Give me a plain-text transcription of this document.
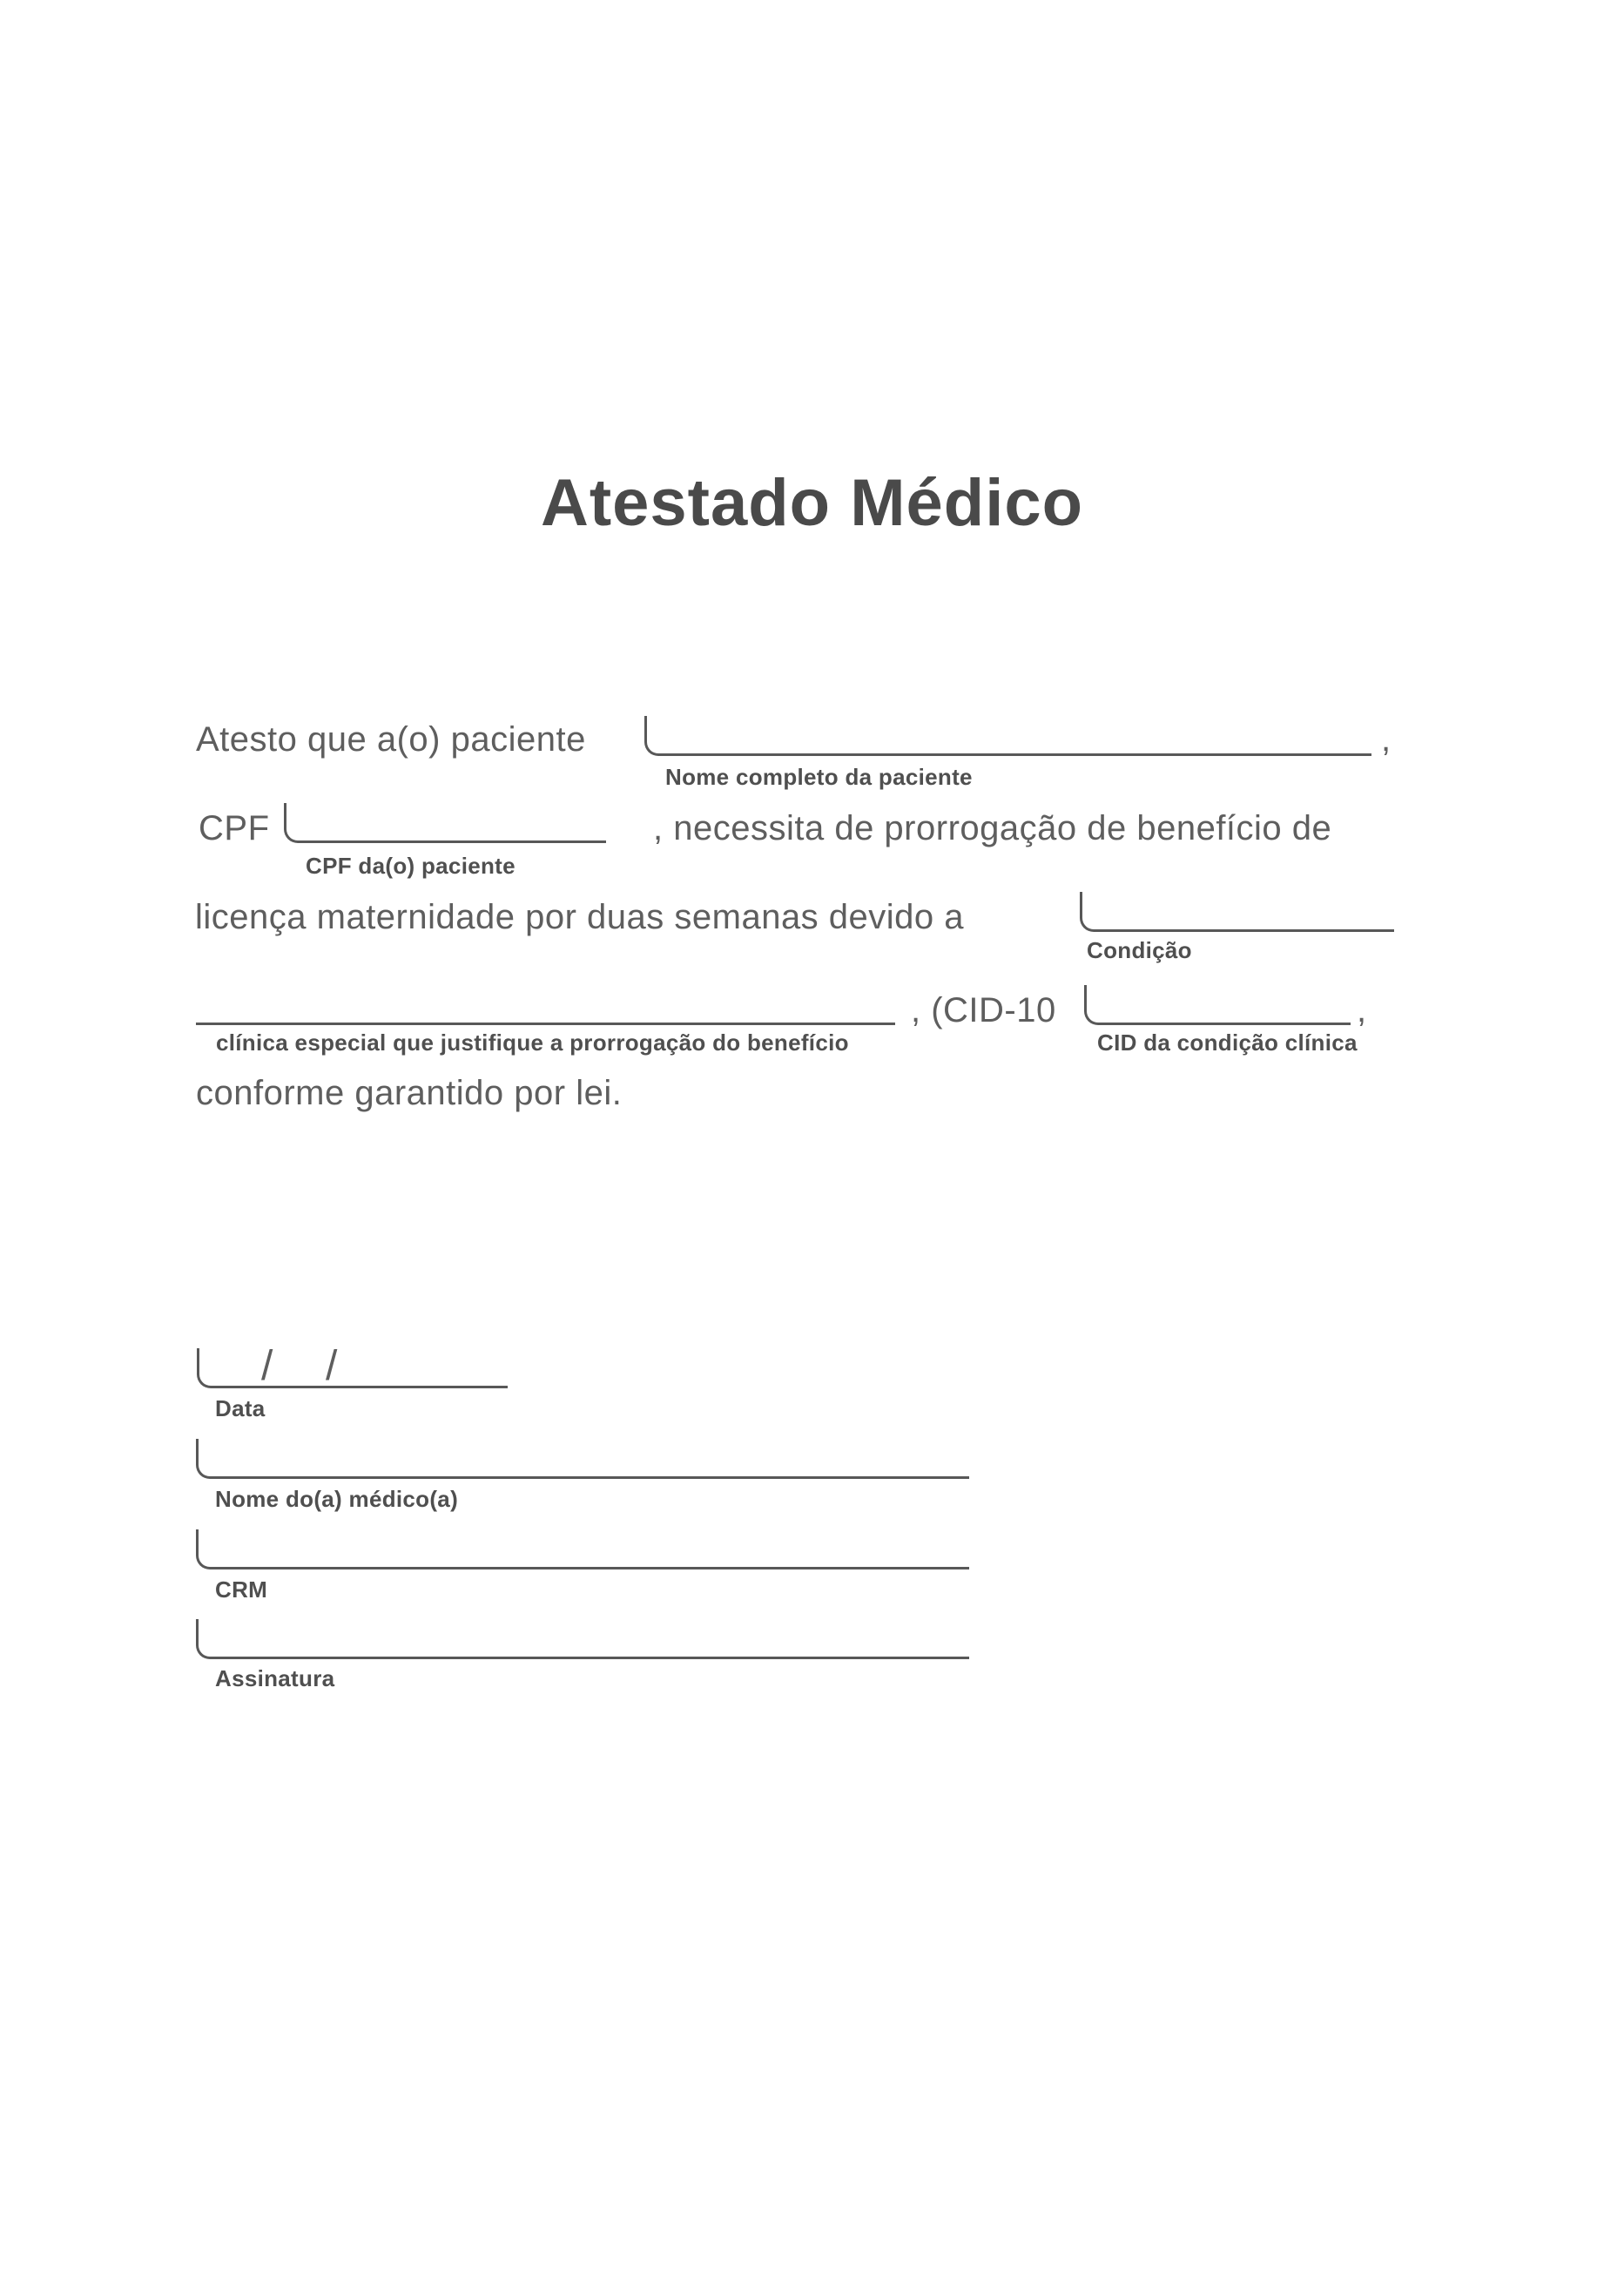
Atestado Médico
Atesto que a(o) paciente	,
Nome completo da paciente
CPF	, necessita de prorrogação de benefício de
CPF da(o) paciente
licença maternidade por duas semanas devido a
Condição
, (CID-10	,
clínica especial que justifique a prorrogação do benefício	CID da condição clínica
conforme garantido por lei.
/ /
Data
Nome do(a) médico(a)
CRM
Assinatura
